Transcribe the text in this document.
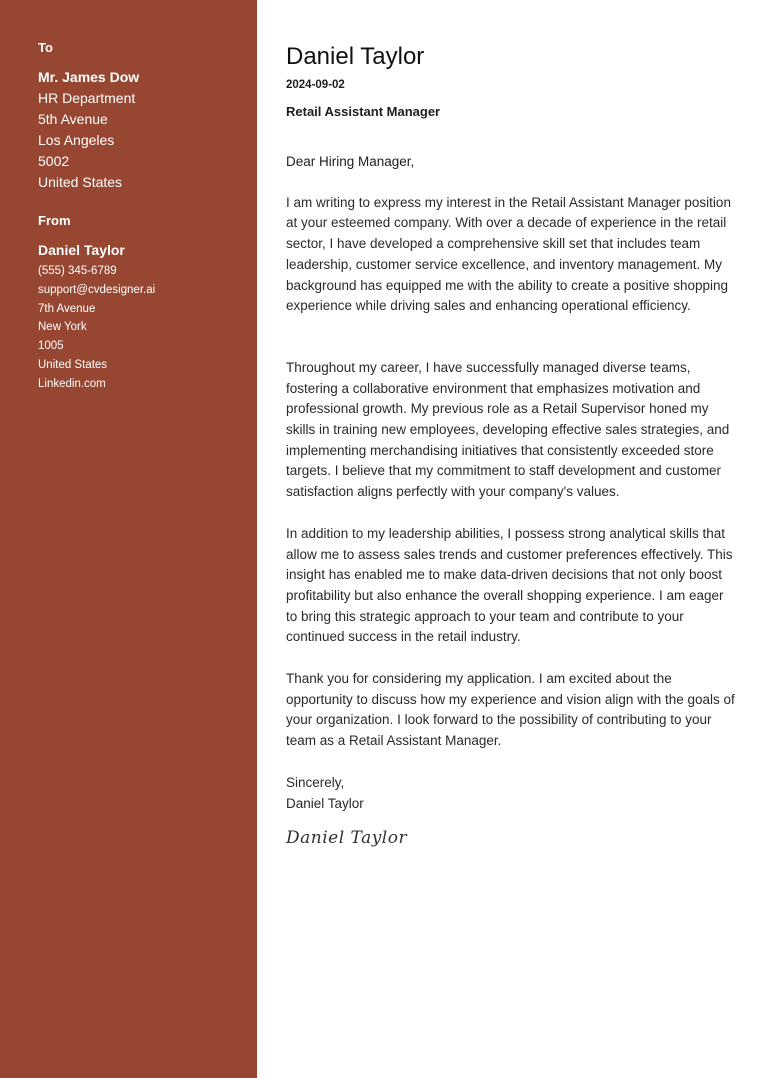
To
Mr. James Dow
HR Department
5th Avenue
Los Angeles
5002
United States
From
Daniel Taylor
(555) 345-6789
support@cvdesigner.ai
7th Avenue
New York
1005
United States
Linkedin.com
Daniel Taylor
2024-09-02
Retail Assistant Manager
Dear Hiring Manager,

I am writing to express my interest in the Retail Assistant Manager position at your esteemed company. With over a decade of experience in the retail sector, I have developed a comprehensive skill set that includes team leadership, customer service excellence, and inventory management. My background has equipped me with the ability to create a positive shopping experience while driving sales and enhancing operational efficiency.

Throughout my career, I have successfully managed diverse teams, fostering a collaborative environment that emphasizes motivation and professional growth. My previous role as a Retail Supervisor honed my skills in training new employees, developing effective sales strategies, and implementing merchandising initiatives that consistently exceeded store targets. I believe that my commitment to staff development and customer satisfaction aligns perfectly with your company's values.

In addition to my leadership abilities, I possess strong analytical skills that allow me to assess sales trends and customer preferences effectively. This insight has enabled me to make data-driven decisions that not only boost profitability but also enhance the overall shopping experience. I am eager to bring this strategic approach to your team and contribute to your continued success in the retail industry.

Thank you for considering my application. I am excited about the opportunity to discuss how my experience and vision align with the goals of your organization. I look forward to the possibility of contributing to your team as a Retail Assistant Manager.

Sincerely,
Daniel Taylor
Daniel Taylor
